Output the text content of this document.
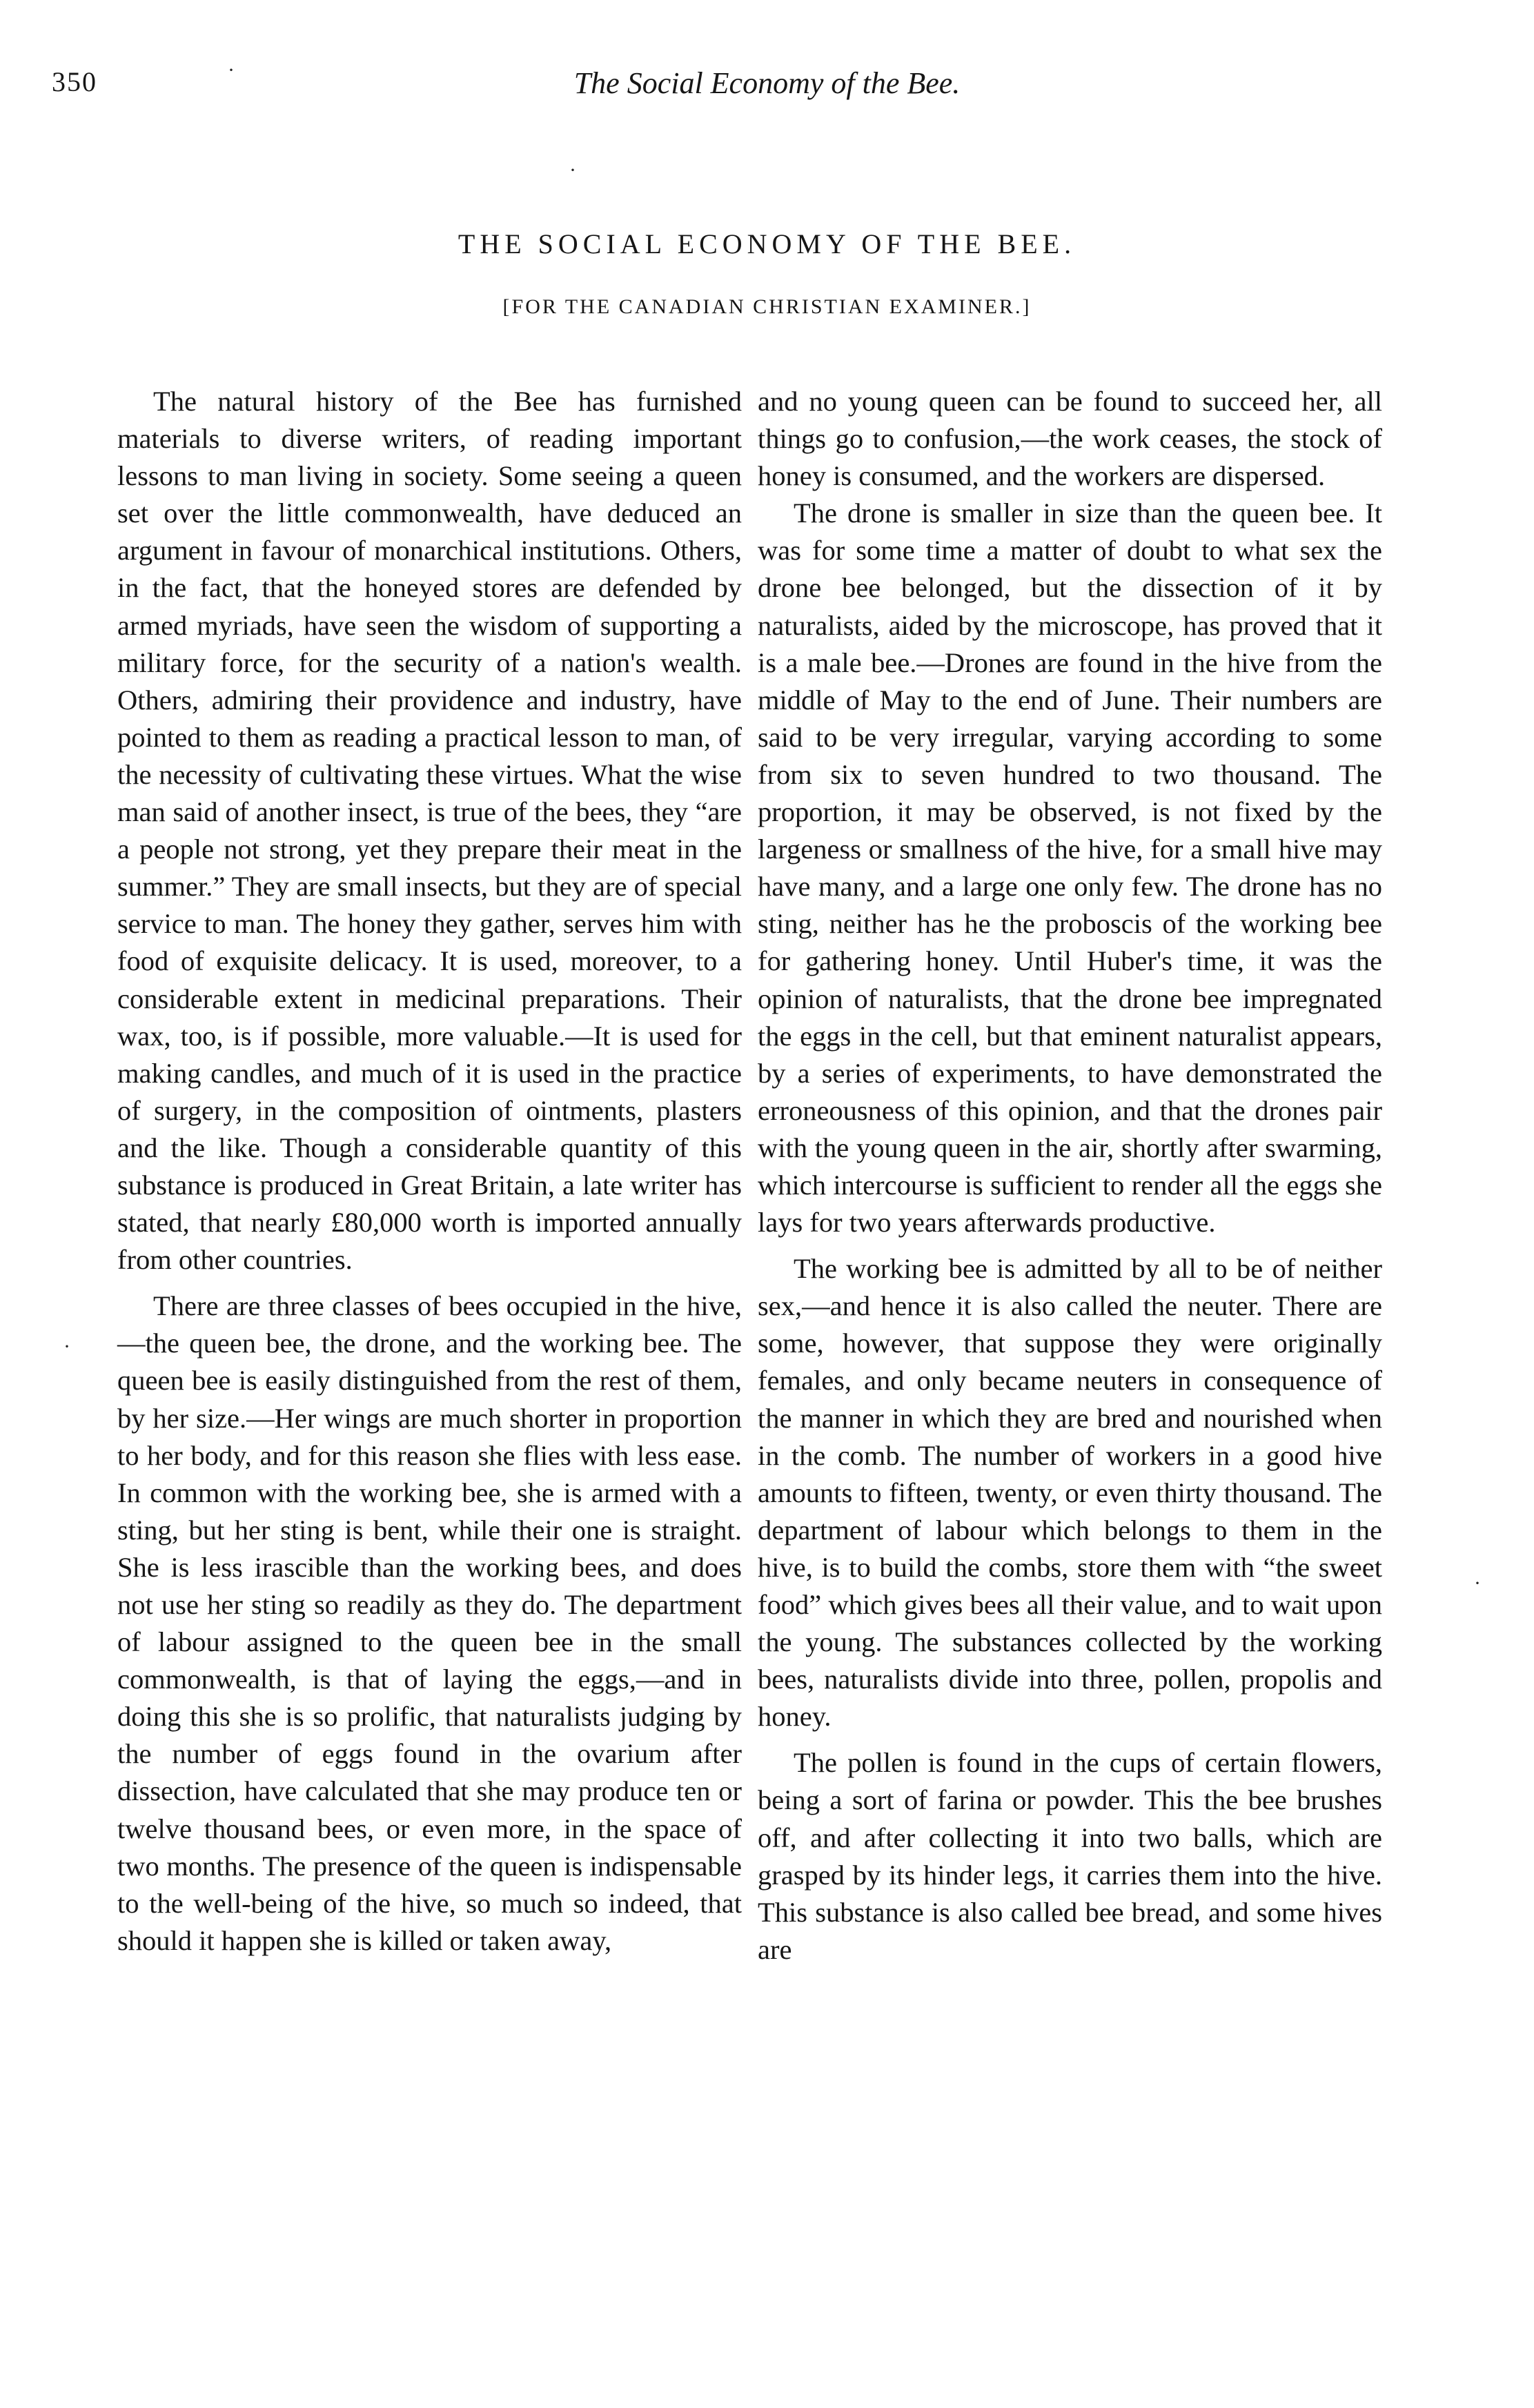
350	The Social Economy of the Bee.
THE SOCIAL ECONOMY OF THE BEE.
[FOR THE CANADIAN CHRISTIAN EXAMINER.]

The natural history of the Bee has furnished materials to diverse writers, of reading important lessons to man living in society. Some seeing a queen set over the little commonwealth, have deduced an argument in favour of monarchical institutions. Others, in the fact, that the honeyed stores are defended by armed myriads, have seen the wisdom of supporting a military force, for the security of a nation's wealth. Others, admiring their providence and industry, have pointed to them as reading a practical lesson to man, of the necessity of cultivating these virtues. What the wise man said of another insect, is true of the bees, they “are a people not strong, yet they prepare their meat in the summer.” They are small insects, but they are of special service to man. The honey they gather, serves him with food of exquisite delicacy. It is used, moreover, to a considerable extent in medicinal preparations. Their wax, too, is if possible, more valuable.—It is used for making candles, and much of it is used in the practice of surgery, in the composition of ointments, plasters and the like. Though a considerable quantity of this substance is produced in Great Britain, a late writer has stated, that nearly £80,000 worth is imported annually from other countries.

There are three classes of bees occupied in the hive,—the queen bee, the drone, and the working bee. The queen bee is easily distinguished from the rest of them, by her size.—Her wings are much shorter in proportion to her body, and for this reason she flies with less ease. In common with the working bee, she is armed with a sting, but her sting is bent, while their one is straight. She is less irascible than the working bees, and does not use her sting so readily as they do. The department of labour assigned to the queen bee in the small commonwealth, is that of laying the eggs,—and in doing this she is so prolific, that naturalists judging by the number of eggs found in the ovarium after dissection, have calculated that she may produce ten or twelve thousand bees, or even more, in the space of two months. The presence of the queen is indispensable to the well-being of the hive, so much so indeed, that should it happen she is killed or taken away,

and no young queen can be found to succeed her, all things go to confusion,—the work ceases, the stock of honey is consumed, and the workers are dispersed.

The drone is smaller in size than the queen bee. It was for some time a matter of doubt to what sex the drone bee belonged, but the dissection of it by naturalists, aided by the microscope, has proved that it is a male bee.—Drones are found in the hive from the middle of May to the end of June. Their numbers are said to be very irregular, varying according to some from six to seven hundred to two thousand. The proportion, it may be observed, is not fixed by the largeness or smallness of the hive, for a small hive may have many, and a large one only few. The drone has no sting, neither has he the proboscis of the working bee for gathering honey. Until Huber's time, it was the opinion of naturalists, that the drone bee impregnated the eggs in the cell, but that eminent naturalist appears, by a series of experiments, to have demonstrated the erroneousness of this opinion, and that the drones pair with the young queen in the air, shortly after swarming, which intercourse is sufficient to render all the eggs she lays for two years afterwards productive.

The working bee is admitted by all to be of neither sex,—and hence it is also called the neuter. There are some, however, that suppose they were originally females, and only became neuters in consequence of the manner in which they are bred and nourished when in the comb. The number of workers in a good hive amounts to fifteen, twenty, or even thirty thousand. The department of labour which belongs to them in the hive, is to build the combs, store them with “the sweet food” which gives bees all their value, and to wait upon the young. The substances collected by the working bees, naturalists divide into three, pollen, propolis and honey.

The pollen is found in the cups of certain flowers, being a sort of farina or powder. This the bee brushes off, and after collecting it into two balls, which are grasped by its hinder legs, it carries them into the hive. This substance is also called bee bread, and some hives are

·
·
·
·
